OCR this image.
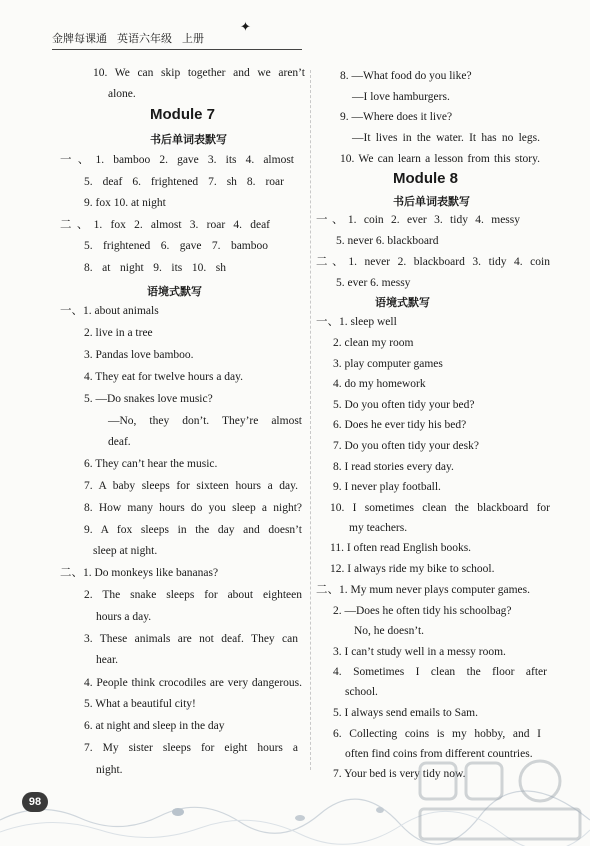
金牌每课通 英语六年级 上册
✦
Module 7
书后单词表默写
语境式默写
10. We can skip together and we aren’t
alone.
一、1. bamboo 2. gave 3. its 4. almost
5. deaf 6. frightened 7. sh 8. roar
9. fox 10. at night
二、1. fox 2. almost 3. roar 4. deaf
5. frightened 6. gave 7. bamboo
8. at night 9. its 10. sh
一、1. about animals
2. live in a tree
3. Pandas love bamboo.
4. They eat for twelve hours a day.
5. —Do snakes love music?
—No, they don’t. They’re almost
deaf.
6. They can’t hear the music.
7. A baby sleeps for sixteen hours a day.
8. How many hours do you sleep a night?
9. A fox sleeps in the day and doesn’t
sleep at night.
二、1. Do monkeys like bananas?
2. The snake sleeps for about eighteen
hours a day.
3. These animals are not deaf. They can
hear.
4. People think crocodiles are very dangerous.
5. What a beautiful city!
6. at night and sleep in the day
7. My sister sleeps for eight hours a
night.
Module 8
书后单词表默写
语境式默写
8. —What food do you like?
—I love hamburgers.
9. —Where does it live?
—It lives in the water. It has no legs.
10. We can learn a lesson from this story.
一、1. coin 2. ever 3. tidy 4. messy
5. never 6. blackboard
二、1. never 2. blackboard 3. tidy 4. coin
5. ever 6. messy
一、1. sleep well
2. clean my room
3. play computer games
4. do my homework
5. Do you often tidy your bed?
6. Does he ever tidy his bed?
7. Do you often tidy your desk?
8. I read stories every day.
9. I never play football.
10. I sometimes clean the blackboard for
my teachers.
11. I often read English books.
12. I always ride my bike to school.
二、1. My mum never plays computer games.
2. —Does he often tidy his schoolbag?
No, he doesn’t.
3. I can’t study well in a messy room.
4. Sometimes I clean the floor after
school.
5. I always send emails to Sam.
6. Collecting coins is my hobby, and I
often find coins from different countries.
7. Your bed is very tidy now.
98
